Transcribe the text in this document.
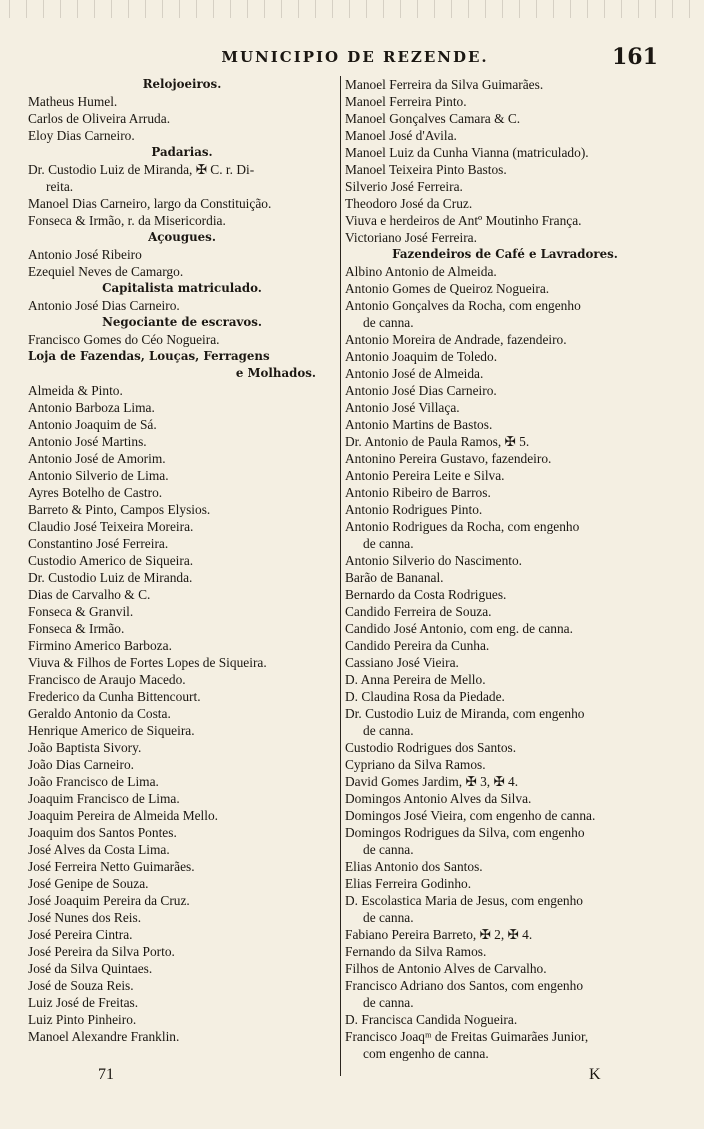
MUNICIPIO DE REZENDE.	161
Relojoeiros.
Matheus Humel.
Carlos de Oliveira Arruda.
Eloy Dias Carneiro.
Padarias.
Dr. Custodio Luiz de Miranda, ✠ C. r. Di-
reita.
Manoel Dias Carneiro, largo da Constituição.
Fonseca & Irmão, r. da Misericordia.
Açougues.
Antonio José Ribeiro
Ezequiel Neves de Camargo.
Capitalista matriculado.
Antonio José Dias Carneiro.
Negociante de escravos.
Francisco Gomes do Céo Nogueira.
Loja de Fazendas, Louças, Ferragens
e Molhados.
Almeida & Pinto.
Antonio Barboza Lima.
Antonio Joaquim de Sá.
Antonio José Martins.
Antonio José de Amorim.
Antonio Silverio de Lima.
Ayres Botelho de Castro.
Barreto & Pinto, Campos Elysios.
Claudio José Teixeira Moreira.
Constantino José Ferreira.
Custodio Americo de Siqueira.
Dr. Custodio Luiz de Miranda.
Dias de Carvalho & C.
Fonseca & Granvil.
Fonseca & Irmão.
Firmino Americo Barboza.
Viuva & Filhos de Fortes Lopes de Siqueira.
Francisco de Araujo Macedo.
Frederico da Cunha Bittencourt.
Geraldo Antonio da Costa.
Henrique Americo de Siqueira.
João Baptista Sivory.
João Dias Carneiro.
João Francisco de Lima.
Joaquim Francisco de Lima.
Joaquim Pereira de Almeida Mello.
Joaquim dos Santos Pontes.
José Alves da Costa Lima.
José Ferreira Netto Guimarães.
José Genipe de Souza.
José Joaquim Pereira da Cruz.
José Nunes dos Reis.
José Pereira Cintra.
José Pereira da Silva Porto.
José da Silva Quintaes.
José de Souza Reis.
Luiz José de Freitas.
Luiz Pinto Pinheiro.
Manoel Alexandre Franklin.
Manoel Ferreira da Silva Guimarães.
Manoel Ferreira Pinto.
Manoel Gonçalves Camara & C.
Manoel José d'Avila.
Manoel Luiz da Cunha Vianna (matriculado).
Manoel Teixeira Pinto Bastos.
Silverio José Ferreira.
Theodoro José da Cruz.
Viuva e herdeiros de Antº Moutinho França.
Victoriano José Ferreira.
Fazendeiros de Café e Lavradores.
Albino Antonio de Almeida.
Antonio Gomes de Queiroz Nogueira.
Antonio Gonçalves da Rocha, com engenho
de canna.
Antonio Moreira de Andrade, fazendeiro.
Antonio Joaquim de Toledo.
Antonio José de Almeida.
Antonio José Dias Carneiro.
Antonio José Villaça.
Antonio Martins de Bastos.
Dr. Antonio de Paula Ramos, ✠ 5.
Antonino Pereira Gustavo, fazendeiro.
Antonio Pereira Leite e Silva.
Antonio Ribeiro de Barros.
Antonio Rodrigues Pinto.
Antonio Rodrigues da Rocha, com engenho
de canna.
Antonio Silverio do Nascimento.
Barão de Bananal.
Bernardo da Costa Rodrigues.
Candido Ferreira de Souza.
Candido José Antonio, com eng. de canna.
Candido Pereira da Cunha.
Cassiano José Vieira.
D. Anna Pereira de Mello.
D. Claudina Rosa da Piedade.
Dr. Custodio Luiz de Miranda, com engenho
de canna.
Custodio Rodrigues dos Santos.
Cypriano da Silva Ramos.
David Gomes Jardim, ✠ 3, ✠ 4.
Domingos Antonio Alves da Silva.
Domingos José Vieira, com engenho de canna.
Domingos Rodrigues da Silva, com engenho
de canna.
Elias Antonio dos Santos.
Elias Ferreira Godinho.
D. Escolastica Maria de Jesus, com engenho
de canna.
Fabiano Pereira Barreto, ✠ 2, ✠ 4.
Fernando da Silva Ramos.
Filhos de Antonio Alves de Carvalho.
Francisco Adriano dos Santos, com engenho
de canna.
D. Francisca Candida Nogueira.
Francisco Joaqᵐ de Freitas Guimarães Junior,
com engenho de canna.
71	K
